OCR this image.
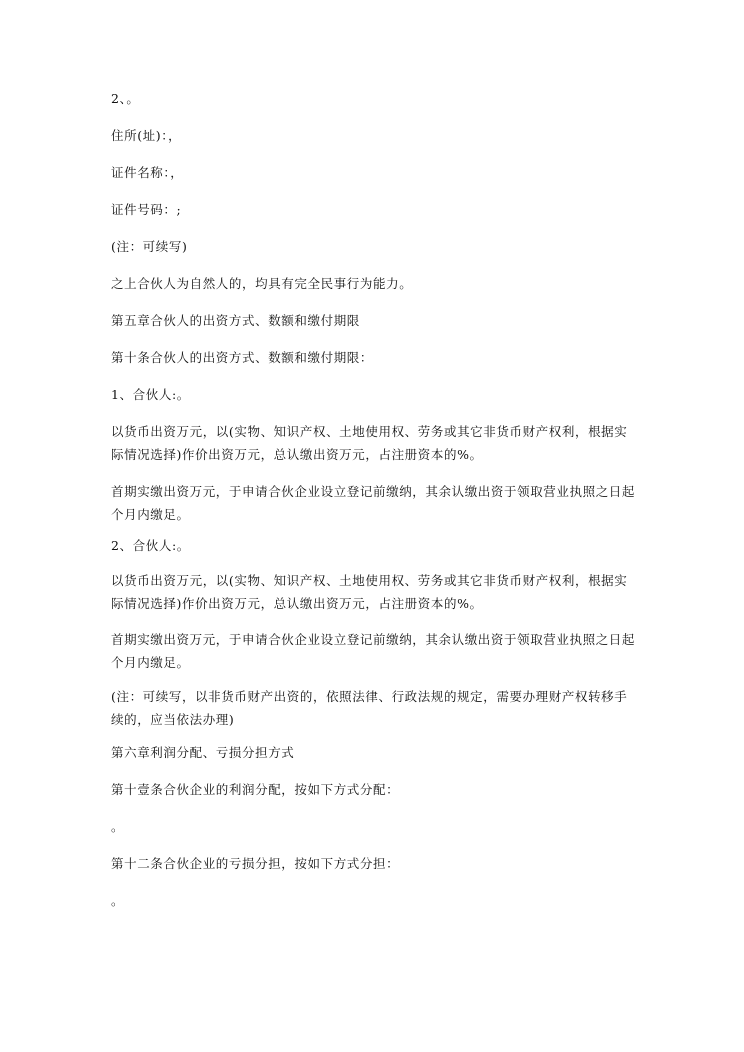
2、。

住所(址)：，

证件名称：，

证件号码：;

(注：可续写)

之上合伙人为自然人的，均具有完全民事行为能力。

第五章合伙人的出资方式、数额和缴付期限

第十条合伙人的出资方式、数额和缴付期限：

1、合伙人:。

以货币出资万元，以(实物、知识产权、土地使用权、劳务或其它非货币财产权利，根据实际情况选择)作价出资万元，总认缴出资万元，占注册资本的%。

首期实缴出资万元，于申请合伙企业设立登记前缴纳，其余认缴出资于领取营业执照之日起个月内缴足。

2、合伙人:。

以货币出资万元，以(实物、知识产权、土地使用权、劳务或其它非货币财产权利，根据实际情况选择)作价出资万元，总认缴出资万元，占注册资本的%。

首期实缴出资万元，于申请合伙企业设立登记前缴纳，其余认缴出资于领取营业执照之日起个月内缴足。

(注：可续写，以非货币财产出资的，依照法律、行政法规的规定，需要办理财产权转移手续的，应当依法办理)

第六章利润分配、亏损分担方式

第十壹条合伙企业的利润分配，按如下方式分配：

。

第十二条合伙企业的亏损分担，按如下方式分担：

。
